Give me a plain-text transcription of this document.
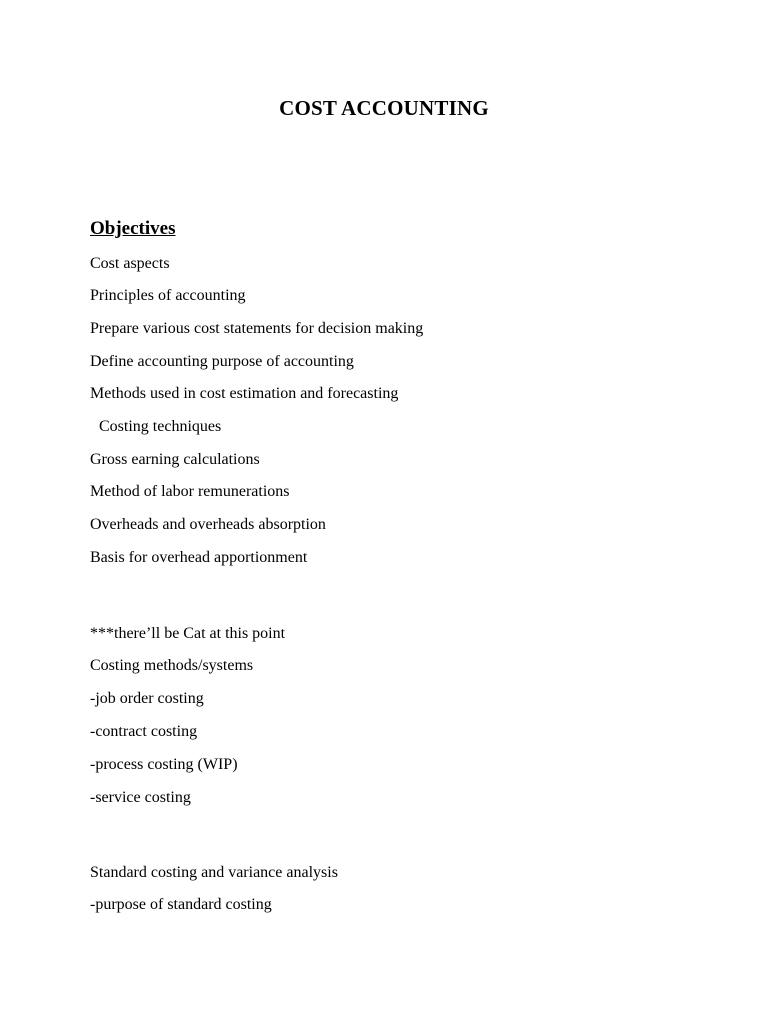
COST ACCOUNTING
Objectives
Cost aspects
Principles of accounting
Prepare various cost statements for decision making
Define accounting purpose of accounting
Methods used in cost estimation and forecasting
Costing techniques
Gross earning calculations
Method of labor remunerations
Overheads and overheads absorption
Basis for overhead apportionment
***there’ll be Cat at this point
Costing methods/systems
-job order costing
-contract costing
-process costing (WIP)
-service costing
Standard costing and variance analysis
-purpose of standard costing
